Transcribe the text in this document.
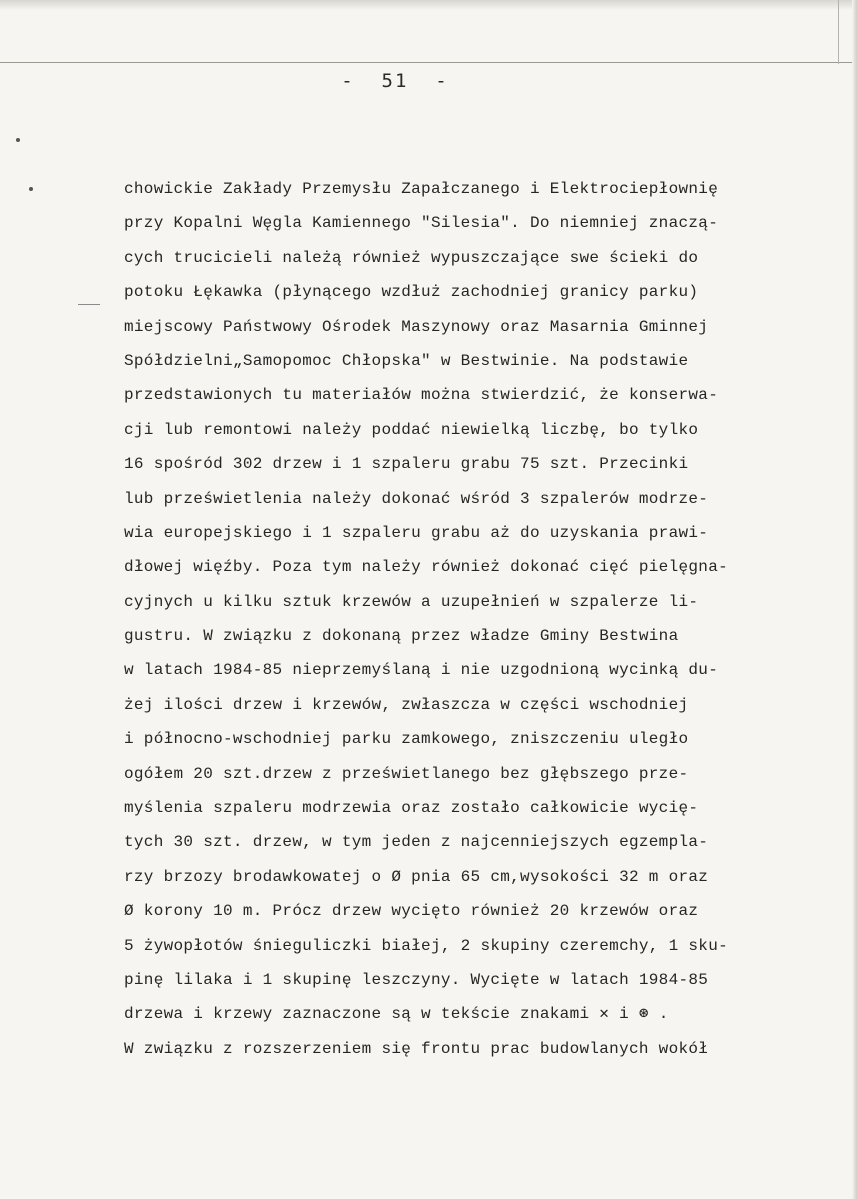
-  51  -
chowickie Zakłady Przemysłu Zapałczanego i Elektrociepłownię
przy Kopalni Węgla Kamiennego "Silesia". Do niemniej znaczą-
cych trucicieli należą również wypuszczające swe ścieki do
potoku Łękawka (płynącego wzdłuż zachodniej granicy parku)
miejscowy Państwowy Ośrodek Maszynowy oraz Masarnia Gminnej
Spółdzielni„Samopomoc Chłopska" w Bestwinie. Na podstawie
przedstawionych tu materiałów można stwierdzić, że konserwa-
cji lub remontowi należy poddać niewielką liczbę, bo tylko
16 spośród 302 drzew i 1 szpaleru grabu 75 szt. Przecinki
lub prześwietlenia należy dokonać wśród 3 szpalerów modrze-
wia europejskiego i 1 szpaleru grabu aż do uzyskania prawi-
dłowej więźby. Poza tym należy również dokonać cięć pielęgna-
cyjnych u kilku sztuk krzewów a uzupełnień w szpalerze li-
gustru. W związku z dokonaną przez władze Gminy Bestwina
w latach 1984-85 nieprzemyślaną i nie uzgodnioną wycinką du-
żej ilości drzew i krzewów, zwłaszcza w części wschodniej
i północno-wschodniej parku zamkowego, zniszczeniu uległo
ogółem 20 szt.drzew z prześwietlanego bez głębszego prze-
myślenia szpaleru modrzewia oraz zostało całkowicie wycię-
tych 30 szt. drzew, w tym jeden z najcenniejszych egzempla-
rzy brzozy brodawkowatej o Ø pnia 65 cm,wysokości 32 m oraz
Ø korony 10 m. Prócz drzew wycięto również 20 krzewów oraz
5 żywopłotów śnieguliczki białej, 2 skupiny czeremchy, 1 sku-
pinę lilaka i 1 skupinę leszczyny. Wycięte w latach 1984-85
drzewa i krzewy zaznaczone są w tekście znakami ✕ i ⊛ .
W związku z rozszerzeniem się frontu prac budowlanych wokół
